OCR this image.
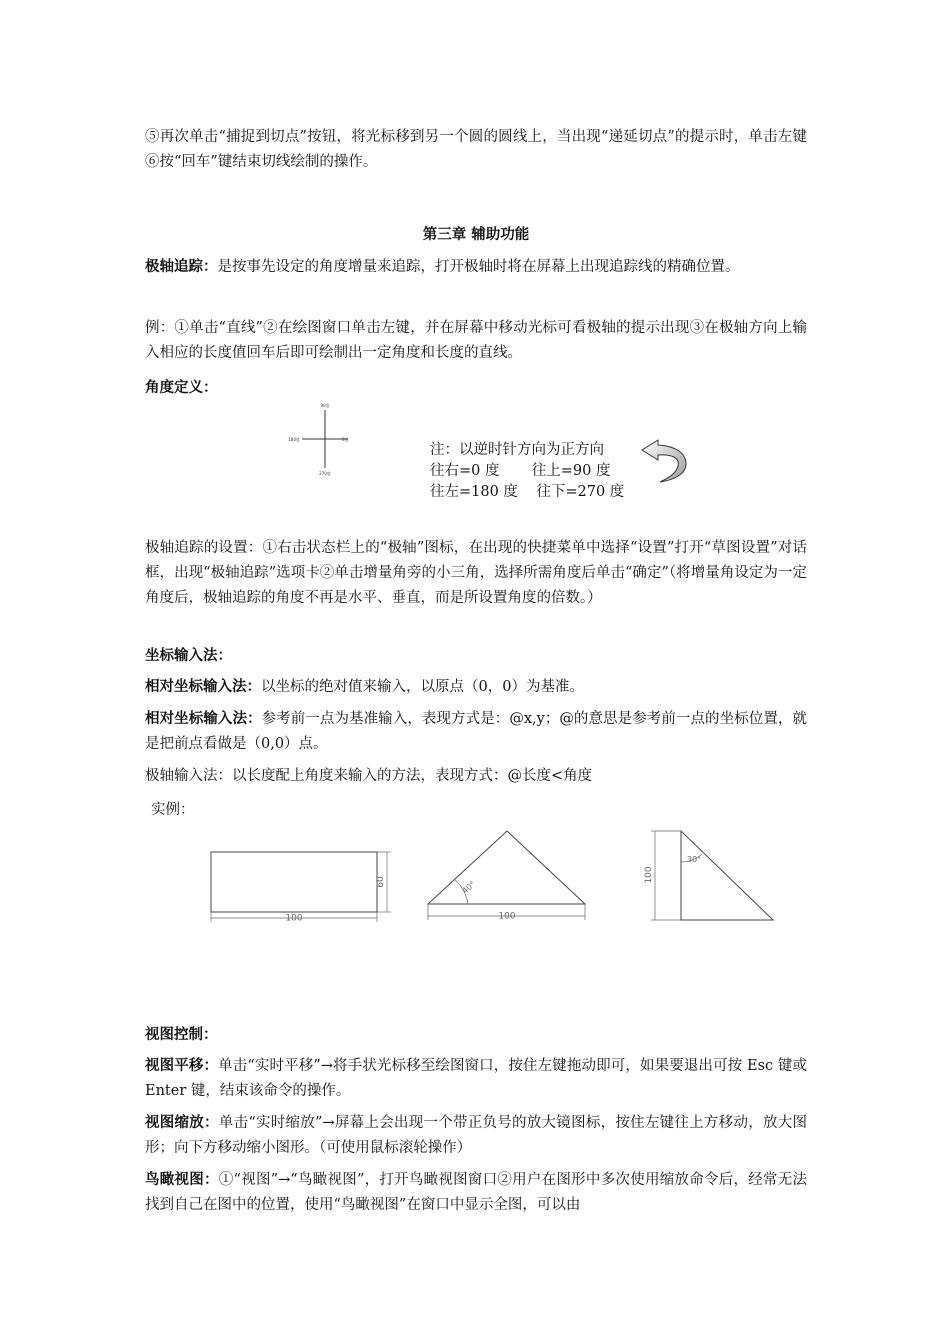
⑤再次单击“捕捉到切点”按钮，将光标移到另一个圆的圆线上，当出现“递延切点”的提示时，单击左键 ⑥按“回车”键结束切线绘制的操作。

第三章 辅助功能

极轴追踪：是按事先设定的角度增量来追踪，打开极轴时将在屏幕上出现追踪线的精确位置。

例：①单击“直线”②在绘图窗口单击左键，并在屏幕中移动光标可看极轴的提示出现③在极轴方向上输入相应的长度值回车后即可绘制出一定角度和长度的直线。

角度定义：

90度
180度	0度
270度
注：以逆时针方向为正方向
往右=0 度       往上=90 度
往左=180 度    往下=270 度

极轴追踪的设置：①右击状态栏上的“极轴”图标，在出现的快捷菜单中选择“设置”打开“草图设置”对话框，出现“极轴追踪”选项卡②单击增量角旁的小三角，选择所需角度后单击“确定”（将增量角设定为一定角度后，极轴追踪的角度不再是水平、垂直，而是所设置角度的倍数。）

坐标输入法：

相对坐标输入法：以坐标的绝对值来输入，以原点（0，0）为基准。

相对坐标输入法：参考前一点为基准输入，表现方式是：@x,y；@的意思是参考前一点的坐标位置，就是把前点看做是（0,0）点。

极轴输入法：以长度配上角度来输入的方法，表现方式：@长度<角度

实例：

100
60
100
40°
100
30°

视图控制：

视图平移：单击“实时平移”→将手状光标移至绘图窗口，按住左键拖动即可，如果要退出可按 Esc 键或 Enter 键，结束该命令的操作。

视图缩放：单击“实时缩放”→屏幕上会出现一个带正负号的放大镜图标，按住左键往上方移动，放大图形；向下方移动缩小图形。（可使用鼠标滚轮操作）

鸟瞰视图：①“视图”→“鸟瞰视图”，打开鸟瞰视图窗口②用户在图形中多次使用缩放命令后，经常无法找到自己在图中的位置，使用“鸟瞰视图”在窗口中显示全图，可以由
